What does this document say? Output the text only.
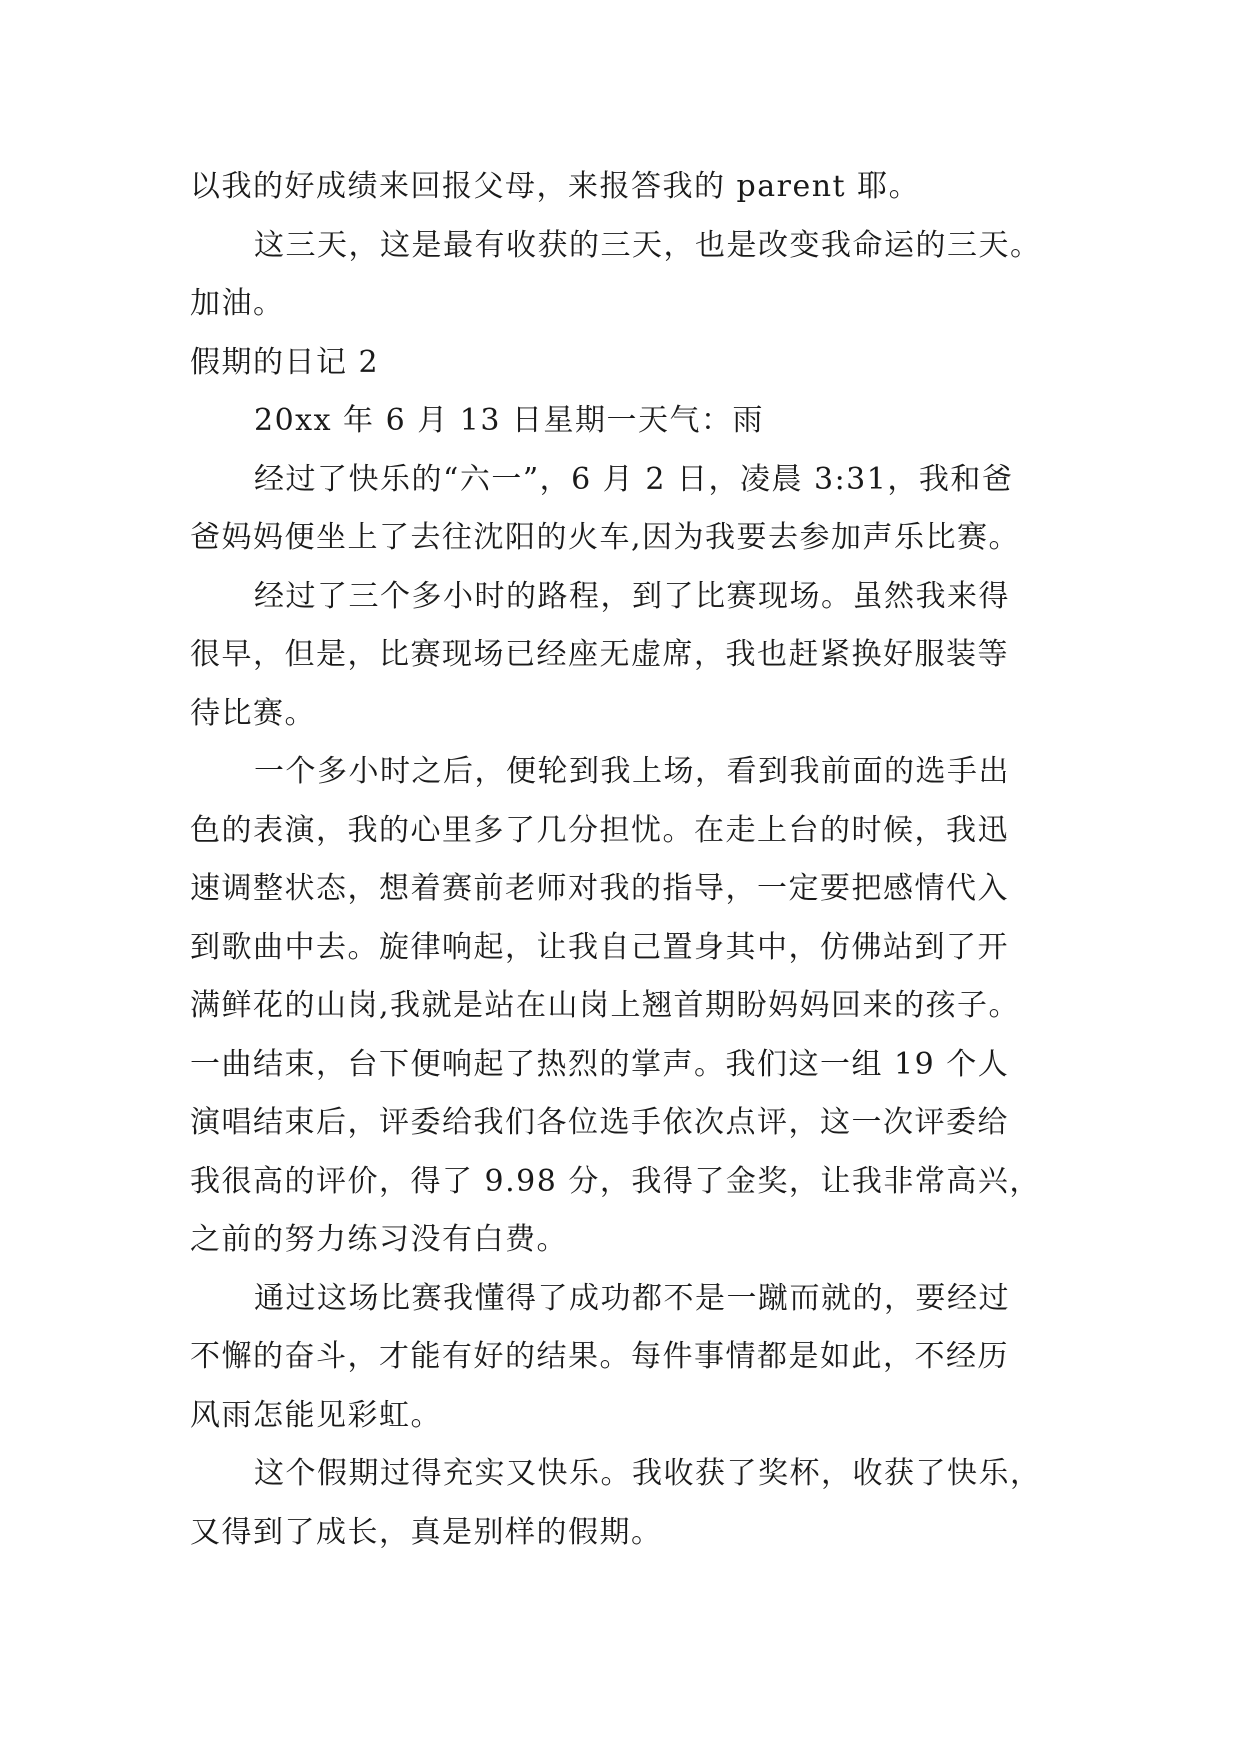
以我的好成绩来回报父母，来报答我的 parent 耶。
这三天，这是最有收获的三天，也是改变我命运的三天。
加油。
假期的日记 2
20xx 年 6 月 13 日星期一天气：雨
经过了快乐的“六一”，6 月 2 日，凌晨 3:31，我和爸
爸妈妈便坐上了去往沈阳的火车,因为我要去参加声乐比赛。
经过了三个多小时的路程，到了比赛现场。虽然我来得
很早，但是，比赛现场已经座无虚席，我也赶紧换好服装等
待比赛。
一个多小时之后，便轮到我上场，看到我前面的选手出
色的表演，我的心里多了几分担忧。在走上台的时候，我迅
速调整状态，想着赛前老师对我的指导，一定要把感情代入
到歌曲中去。旋律响起，让我自己置身其中，仿佛站到了开
满鲜花的山岗,我就是站在山岗上翘首期盼妈妈回来的孩子。
一曲结束，台下便响起了热烈的掌声。我们这一组 19 个人
演唱结束后，评委给我们各位选手依次点评，这一次评委给
我很高的评价，得了 9.98 分，我得了金奖，让我非常高兴，
之前的努力练习没有白费。
通过这场比赛我懂得了成功都不是一蹴而就的，要经过
不懈的奋斗，才能有好的结果。每件事情都是如此，不经历
风雨怎能见彩虹。
这个假期过得充实又快乐。我收获了奖杯，收获了快乐，
又得到了成长，真是别样的假期。
